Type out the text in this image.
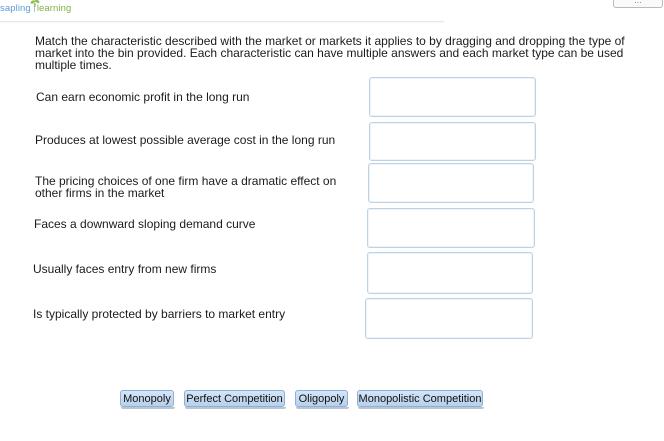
sapling learning
…
Match the characteristic described with the market or markets it applies to by dragging and dropping the type of market into the bin provided. Each characteristic can have multiple answers and each market type can be used multiple times.
Can earn economic profit in the long run
Produces at lowest possible average cost in the long run
The pricing choices of one firm have a dramatic effect on other firms in the market
Faces a downward sloping demand curve
Usually faces entry from new firms
Is typically protected by barriers to market entry
Monopoly Perfect Competition	Oligopoly	Monopolistic Competition
